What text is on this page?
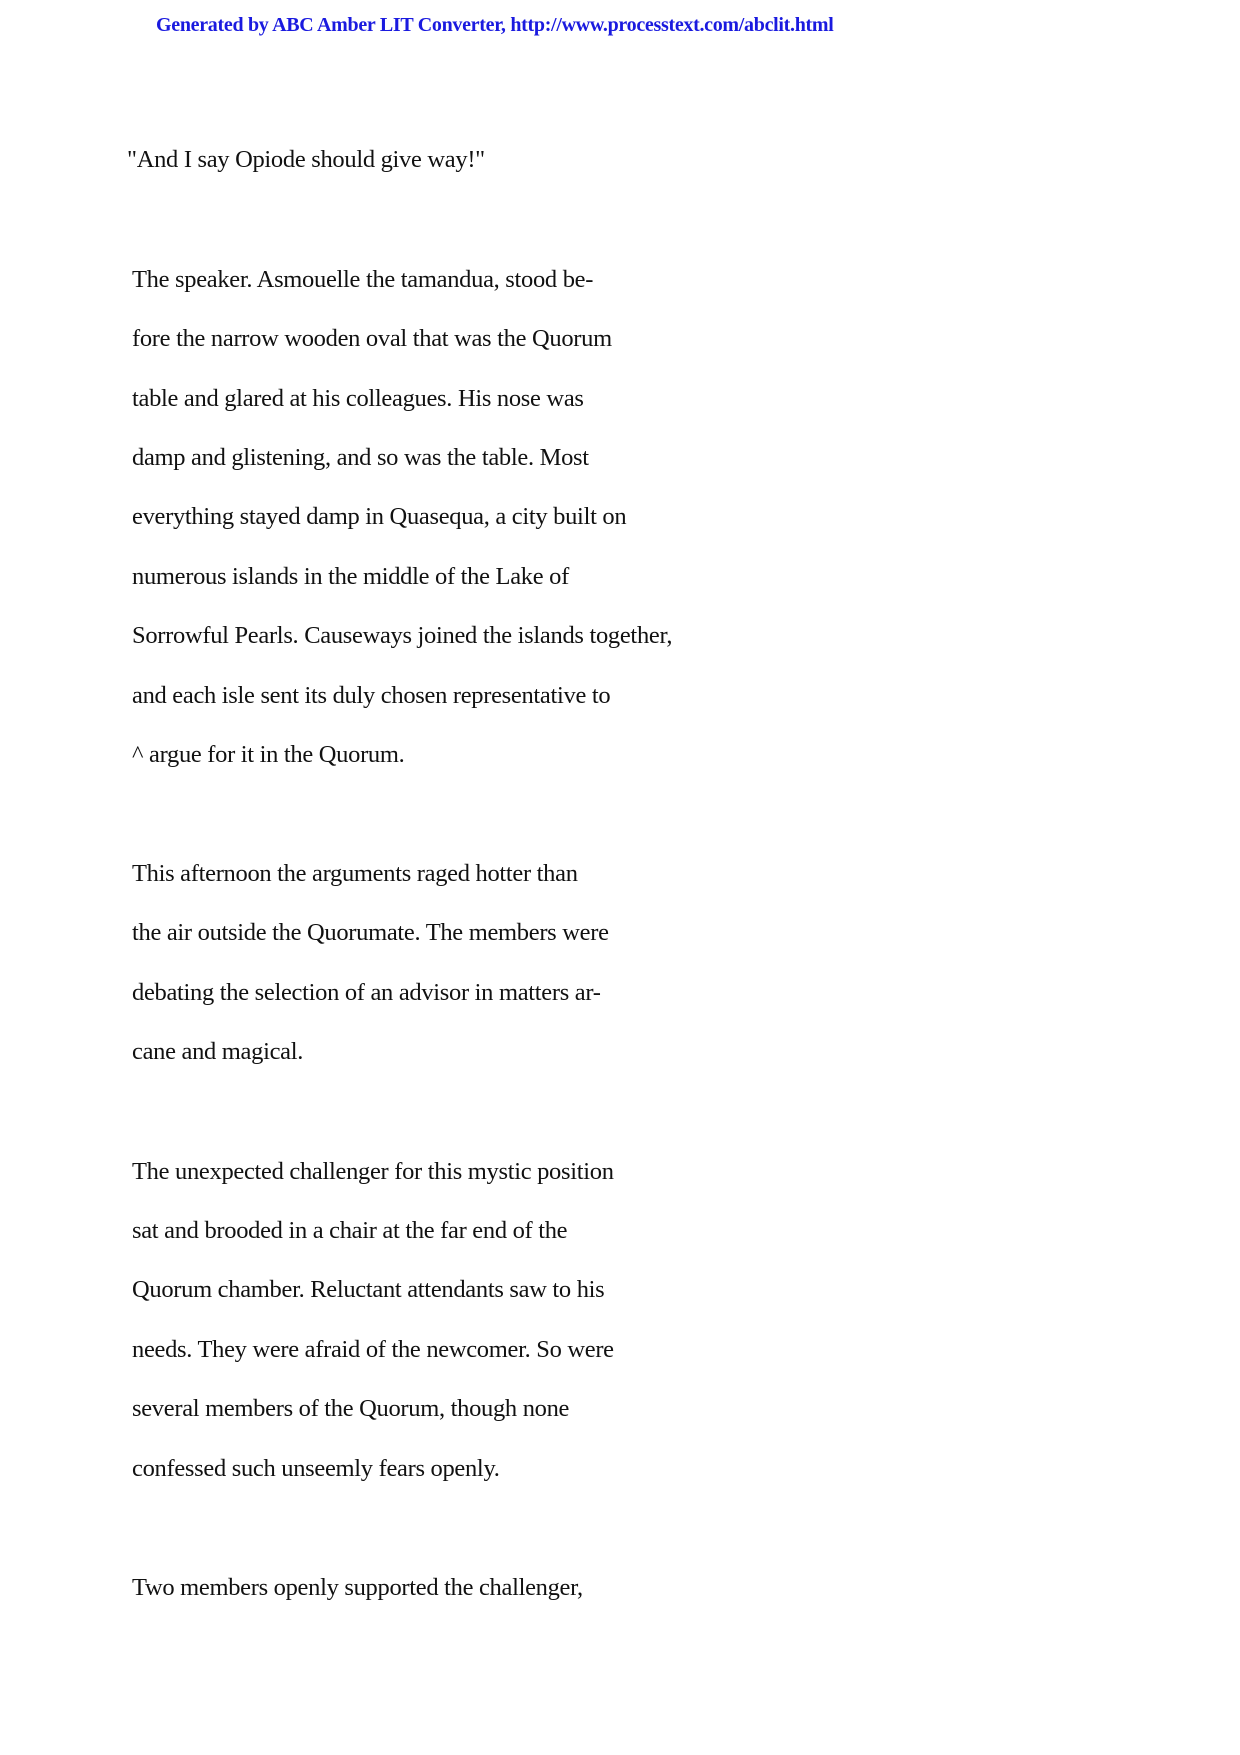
Generated by ABC Amber LIT Converter, http://www.processtext.com/abclit.html
"And I say Opiode should give way!"
The speaker. Asmouelle the tamandua, stood be-
fore the narrow wooden oval that was the Quorum
table and glared at his colleagues. His nose was
damp and glistening, and so was the table. Most
everything stayed damp in Quasequa, a city built on
numerous islands in the middle of the Lake of
Sorrowful Pearls. Causeways joined the islands together,
and each isle sent its duly chosen representative to
^ argue for it in the Quorum.
This afternoon the arguments raged hotter than
the air outside the Quorumate. The members were
debating the selection of an advisor in matters ar-
cane and magical.
The unexpected challenger for this mystic position
sat and brooded in a chair at the far end of the
Quorum chamber. Reluctant attendants saw to his
needs. They were afraid of the newcomer. So were
several members of the Quorum, though none
confessed such unseemly fears openly.
Two members openly supported the challenger,
